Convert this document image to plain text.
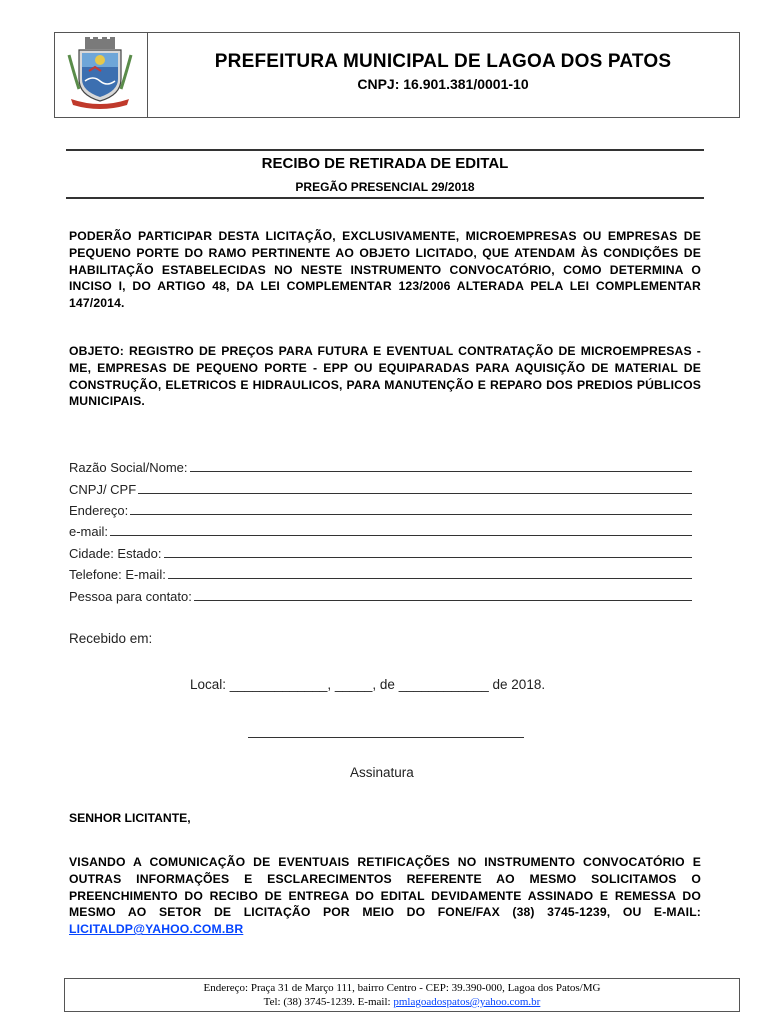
PREFEITURA MUNICIPAL DE LAGOA DOS PATOS
CNPJ: 16.901.381/0001-10
RECIBO DE RETIRADA DE EDITAL
PREGÃO PRESENCIAL 29/2018
PODERÃO PARTICIPAR DESTA LICITAÇÃO, EXCLUSIVAMENTE, MICROEMPRESAS OU EMPRESAS DE PEQUENO PORTE DO RAMO PERTINENTE AO OBJETO LICITADO, QUE ATENDAM ÀS CONDIÇÕES DE HABILITAÇÃO ESTABELECIDAS NO NESTE INSTRUMENTO CONVOCATÓRIO, COMO DETERMINA O INCISO I, DO ARTIGO 48, DA LEI COMPLEMENTAR 123/2006 ALTERADA PELA LEI COMPLEMENTAR 147/2014.
OBJETO: REGISTRO DE PREÇOS PARA FUTURA E EVENTUAL CONTRATAÇÃO DE MICROEMPRESAS - ME, EMPRESAS DE PEQUENO PORTE - EPP OU EQUIPARADAS PARA AQUISIÇÃO DE MATERIAL DE CONSTRUÇÃO, ELETRICOS E HIDRAULICOS, PARA MANUTENÇÃO E REPARO DOS PREDIOS PÚBLICOS MUNICIPAIS.
Razão Social/Nome:
CNPJ/ CPF
Endereço:
e-mail:
Cidade: Estado:
Telefone: E-mail:
Pessoa para contato:
Recebido em:
Local: _____________, _____, de ____________ de 2018.
Assinatura
SENHOR LICITANTE,
VISANDO A COMUNICAÇÃO DE EVENTUAIS RETIFICAÇÕES NO INSTRUMENTO CONVOCATÓRIO E OUTRAS INFORMAÇÕES E ESCLARECIMENTOS REFERENTE AO MESMO SOLICITAMOS O PREENCHIMENTO DO RECIBO DE ENTREGA DO EDITAL DEVIDAMENTE ASSINADO E REMESSA DO MESMO AO SETOR DE LICITAÇÃO POR MEIO DO FONE/FAX (38) 3745-1239, OU E-MAIL: LICITALDP@YAHOO.COM.BR
Endereço: Praça 31 de Março 111, bairro Centro - CEP: 39.390-000, Lagoa dos Patos/MG
Tel: (38) 3745-1239. E-mail: pmlagoadospatos@yahoo.com.br
